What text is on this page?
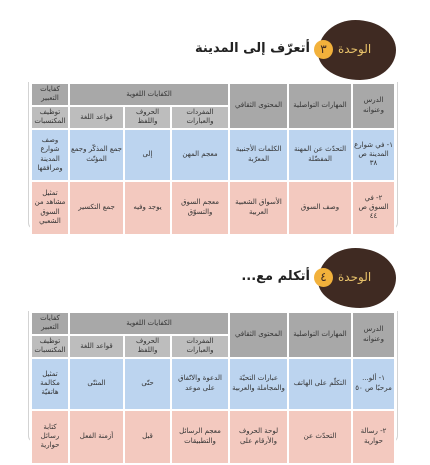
الوحدة
٣
أتعرّف إلى المدينة
الدرس وعنوانه	المهارات التواصلية	المحتوى الثقافي	الكفايات اللغوية			كفايات التعبير
			المفردات والعبارات	الحروف واللفظ	قواعد اللغة	توظيف المكتسبات
١- في شوارع المدينة ص ٣٨	التحدّث عن المهنة المفضّلة	الكلمات الأجنبية المعرّبة	معجم المهن	إلى	جمع المذكّر وجمع المؤنّث	وصف شوارع المدينة ومرافقها
٢- في السوق ص ٤٤	وصف السوق	الأسواق الشعبية العربية	معجم السوق والتسوّق	يوجد وفيه	جمع التكسير	تمثيل مشاهد من السوق الشعبي
الوحدة
٤
أتكلم مع...
الدرس وعنوانه	المهارات التواصلية	المحتوى الثقافي	الكفايات اللغوية			كفايات التعبير
			المفردات والعبارات	الحروف واللفظ	قواعد اللغة	توظيف المكتسبات
١- ألو... مرحبًا ص ٥٠	التكلّم على الهاتف	عبارات التحيّة والمجاملة والعربية	الدعوة والاتّفاق على موعد	حتّى	المثنّى	تمثيل مكالمة هاتفيّة
٢- رسالة حوارية	التحدّث عن	لوحة الحروف والأرقام على	معجم الرسائل والتطبيقات	قبل	أزمنة الفعل	كتابة رسائل حوارية
